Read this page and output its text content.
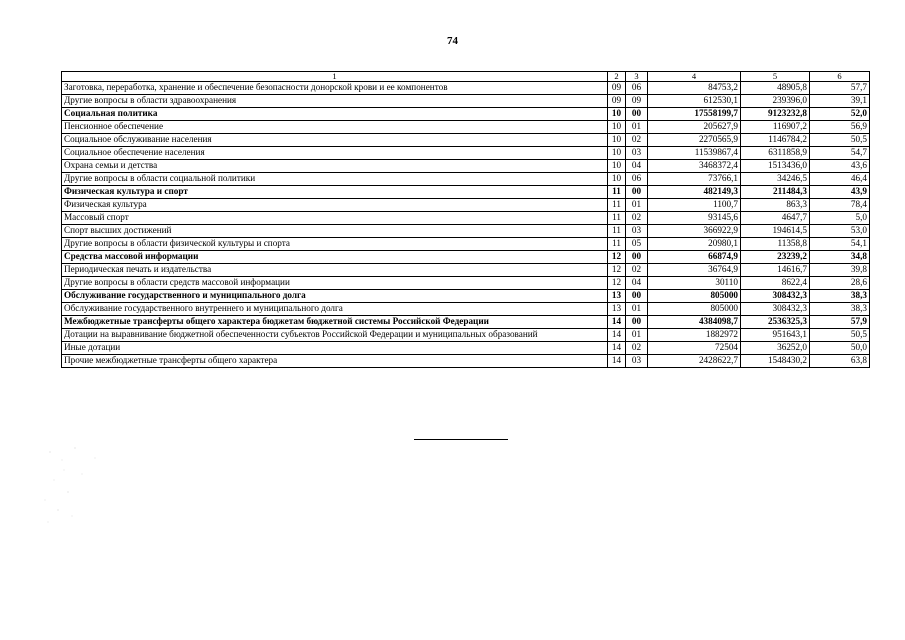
74
1	2	3	4	5	6
Заготовка, переработка, хранение и обеспечение безопасности донорской крови и ее компонентов	09	06	84753,2	48905,8	57,7
Другие вопросы в области здравоохранения	09	09	612530,1	239396,0	39,1
Социальная политика	10	00	17558199,7	9123232,8	52,0
Пенсионное обеспечение	10	01	205627,9	116907,2	56,9
Социальное обслуживание населения	10	02	2270565,9	1146784,2	50,5
Социальное обеспечение населения	10	03	11539867,4	6311858,9	54,7
Охрана семьи и детства	10	04	3468372,4	1513436,0	43,6
Другие вопросы в области социальной политики	10	06	73766,1	34246,5	46,4
Физическая культура и спорт	11	00	482149,3	211484,3	43,9
Физическая культура	11	01	1100,7	863,3	78,4
Массовый спорт	11	02	93145,6	4647,7	5,0
Спорт высших достижений	11	03	366922,9	194614,5	53,0
Другие вопросы в области физической культуры и спорта	11	05	20980,1	11358,8	54,1
Средства массовой информации	12	00	66874,9	23239,2	34,8
Периодическая печать и издательства	12	02	36764,9	14616,7	39,8
Другие вопросы в области средств массовой информации	12	04	30110	8622,4	28,6
Обслуживание государственного и муниципального долга	13	00	805000	308432,3	38,3
Обслуживание государственного внутреннего и муниципального долга	13	01	805000	308432,3	38,3
Межбюджетные трансферты общего характера бюджетам бюджетной системы Российской Федерации	14	00	4384098,7	2536325,3	57,9
Дотации на выравнивание бюджетной обеспеченности субъектов Российской Федерации и муниципальных образований	14	01	1882972	951643,1	50,5
Иные дотации	14	02	72504	36252,0	50,0
Прочие межбюджетные трансферты общего характера	14	03	2428622,7	1548430,2	63,8
